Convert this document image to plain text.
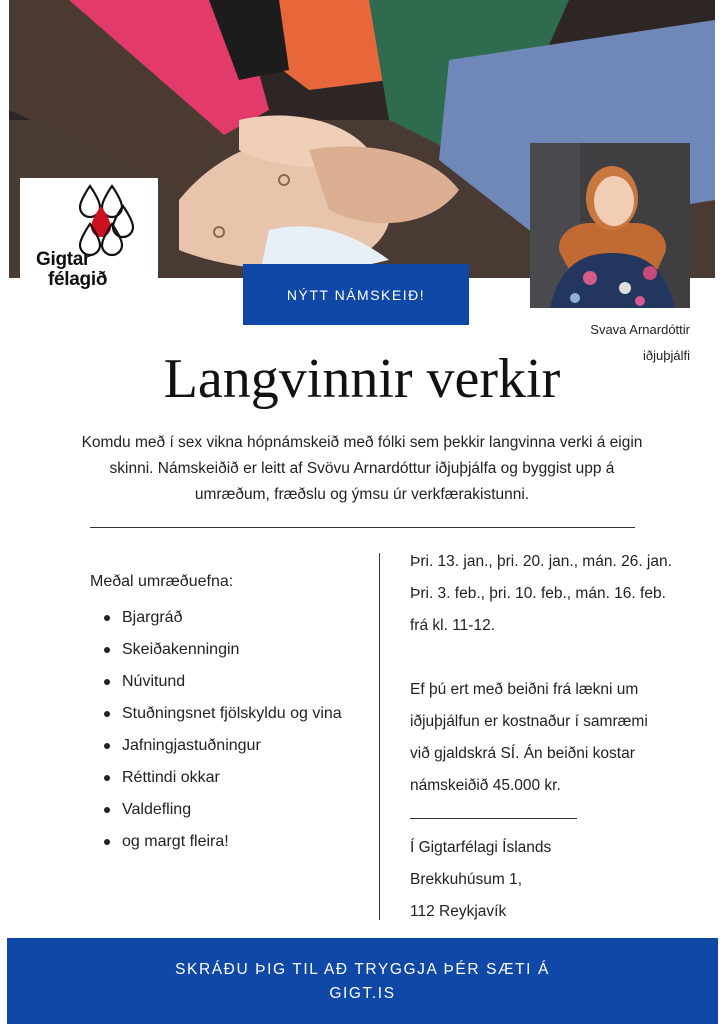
Gigtar
félagið
NÝTT NÁMSKEIÐ!
Svava Arnardóttir
iðjuþjálfi
Langvinnir verkir
Komdu með í sex vikna hópnámskeið með fólki sem þekkir langvinna verki á eigin skinni. Námskeiðið er leitt af Svövu Arnardóttur iðjuþjálfa og byggist upp á umræðum, fræðslu og ýmsu úr verkfærakistunni.
Meðal umræðuefna:
Bjargráð
Skeiðakenningin
Núvitund
Stuðningsnet fjölskyldu og vina
Jafningjastuðningur
Réttindi okkar
Valdefling
og margt fleira!
Þri. 13. jan., þri. 20. jan., mán. 26. jan.
Þri. 3. feb., þri. 10. feb., mán. 16. feb.
frá kl. 11-12.
Ef þú ert með beiðni frá lækni um
iðjuþjálfun er kostnaður í samræmi
við gjaldskrá SÍ. Án beiðni kostar
námskeiðið 45.000 kr.
Í Gigtarfélagi Íslands
Brekkuhúsum 1,
112 Reykjavík
SKRÁÐU ÞIG TIL AÐ TRYGGJA ÞÉR SÆTI Á
GIGT.IS
